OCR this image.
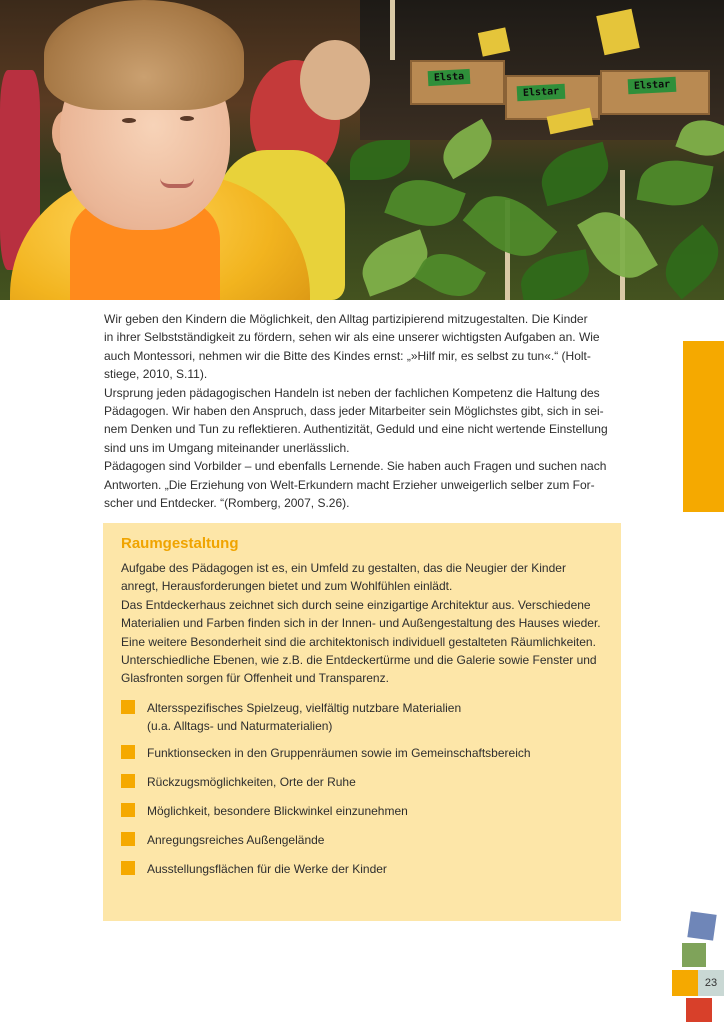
Elsta
Elstar
Elstar

Wir geben den Kindern die Möglichkeit, den Alltag partizipierend mitzugestalten. Die Kinder

in ihrer Selbstständigkeit zu fördern, sehen wir als eine unserer wichtigsten Aufgaben an. Wie

auch Montessori, nehmen wir die Bitte des Kindes ernst: „»Hilf mir, es selbst zu tun«.“ (Holt-

stiege, 2010, S.11).

Ursprung jeden pädagogischen Handeln ist neben der fachlichen Kompetenz die Haltung des

Pädagogen. Wir haben den Anspruch, dass jeder Mitarbeiter sein Möglichstes gibt, sich in sei-

nem Denken und Tun zu reflektieren. Authentizität, Geduld und eine nicht wertende Einstellung

sind uns im Umgang miteinander unerlässlich.

Pädagogen sind Vorbilder – und ebenfalls Lernende. Sie haben auch Fragen und suchen nach

Antworten. „Die Erziehung von Welt-Erkundern macht Erzieher unweigerlich selber zum For-

scher und Entdecker. “(Romberg, 2007, S.26).

Raumgestaltung

Aufgabe des Pädagogen ist es, ein Umfeld zu gestalten, das die Neugier der Kinder

anregt, Herausforderungen bietet und zum Wohlfühlen einlädt.

Das Entdeckerhaus zeichnet sich durch seine einzigartige Architektur aus. Verschiedene

Materialien und Farben finden sich in der Innen- und Außengestaltung des Hauses wieder.

Eine weitere Besonderheit sind die architektonisch individuell gestalteten Räumlichkeiten.

Unterschiedliche Ebenen, wie z.B. die Entdeckertürme und die Galerie sowie Fenster und

Glasfronten sorgen für Offenheit und Transparenz.

Altersspezifisches Spielzeug, vielfältig nutzbare Materialien
(u.a. Alltags- und Naturmaterialien)
Funktionsecken in den Gruppenräumen sowie im Gemeinschaftsbereich
Rückzugsmöglichkeiten, Orte der Ruhe
Möglichkeit, besondere Blickwinkel einzunehmen
Anregungsreiches Außengelände
Ausstellungsflächen für die Werke der Kinder
23
